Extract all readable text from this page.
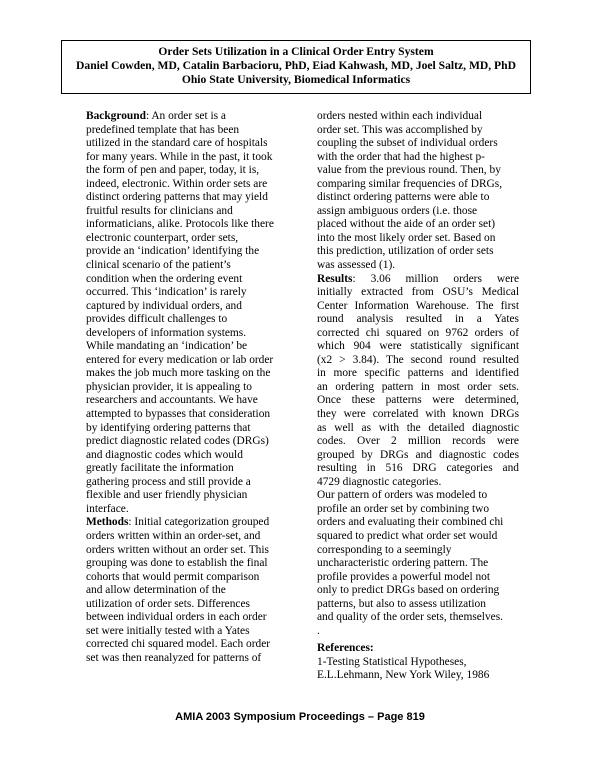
Order Sets Utilization in a Clinical Order Entry System
Daniel Cowden, MD, Catalin Barbacioru, PhD, Eiad Kahwash, MD, Joel Saltz, MD, PhD
Ohio State University, Biomedical Informatics
Background: An order set is a
predefined template that has been
utilized in the standard care of hospitals
for many years. While in the past, it took
the form of pen and paper, today, it is,
indeed, electronic. Within order sets are
distinct ordering patterns that may yield
fruitful results for clinicians and
informaticians, alike. Protocols like there
electronic counterpart, order sets,
provide an ‘indication’ identifying the
clinical scenario of the patient’s
condition when the ordering event
occurred. This ‘indication’ is rarely
captured by individual orders, and
provides difficult challenges to
developers of information systems.
While mandating an ‘indication’ be
entered for every medication or lab order
makes the job much more tasking on the
physician provider, it is appealing to
researchers and accountants. We have
attempted to bypasses that consideration
by identifying ordering patterns that
predict diagnostic related codes (DRGs)
and diagnostic codes which would
greatly facilitate the information
gathering process and still provide a
flexible and user friendly physician
interface.
Methods: Initial categorization grouped
orders written within an order-set, and
orders written without an order set. This
grouping was done to establish the final
cohorts that would permit comparison
and allow determination of the
utilization of order sets. Differences
between individual orders in each order
set were initially tested with a Yates
corrected chi squared model. Each order
set was then reanalyzed for patterns of
orders nested within each individual
order set. This was accomplished by
coupling the subset of individual orders
with the order that had the highest p-
value from the previous round. Then, by
comparing similar frequencies of DRGs,
distinct ordering patterns were able to
assign ambiguous orders (i.e. those
placed without the aide of an order set)
into the most likely order set. Based on
this prediction, utilization of order sets
was assessed (1).
Results: 3.06 million orders were
initially extracted from OSU’s Medical
Center Information Warehouse. The first
round analysis resulted in a Yates
corrected chi squared on 9762 orders of
which 904 were statistically significant
(x2 > 3.84). The second round resulted
in more specific patterns and identified
an ordering pattern in most order sets.
Once these patterns were determined,
they were correlated with known DRGs
as well as with the detailed diagnostic
codes. Over 2 million records were
grouped by DRGs and diagnostic codes
resulting in 516 DRG categories and
4729 diagnostic categories.
Our pattern of orders was modeled to
profile an order set by combining two
orders and evaluating their combined chi
squared to predict what order set would
corresponding to a seemingly
uncharacteristic ordering pattern. The
profile provides a powerful model not
only to predict DRGs based on ordering
patterns, but also to assess utilization
and quality of the order sets, themselves.
.
References:
1-Testing Statistical Hypotheses,
E.L.Lehmann, New York Wiley, 1986
AMIA 2003 Symposium Proceedings – Page 819
